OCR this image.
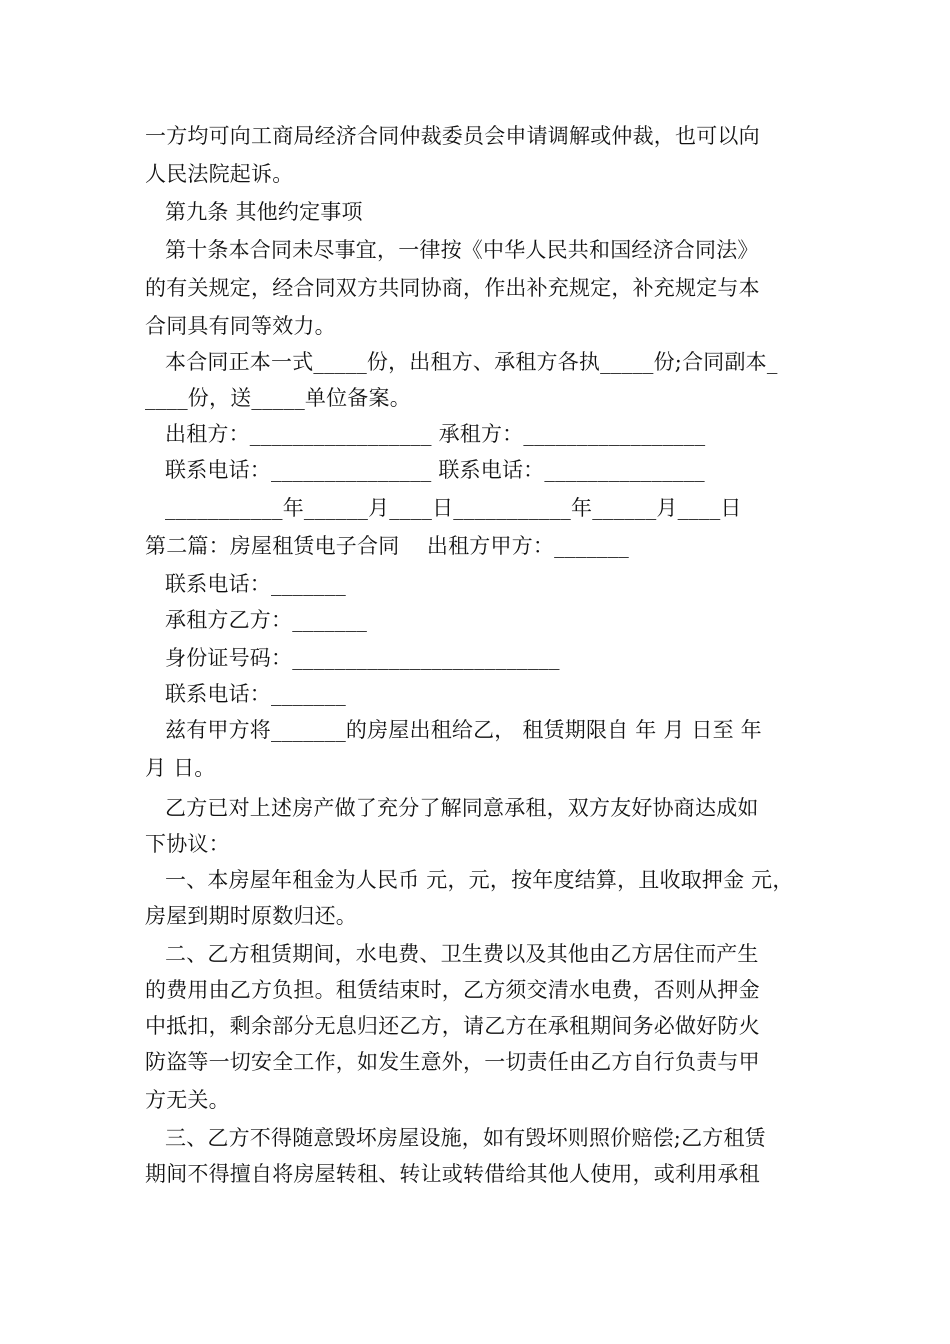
一方均可向工商局经济合同仲裁委员会申请调解或仲裁，也可以向
人民法院起诉。
第九条 其他约定事项
第十条本合同未尽事宜，一律按《中华人民共和国经济合同法》
的有关规定，经合同双方共同协商，作出补充规定，补充规定与本
合同具有同等效力。
本合同正本一式_____份，出租方、承租方各执_____份;合同副本_
____份，送_____单位备案。
出租方：_________________ 承租方：_________________
联系电话：_______________ 联系电话：_______________
___________年______月____日___________年______月____日
第二篇：房屋租赁电子合同    出租方甲方：_______
联系电话：_______
承租方乙方：_______
身份证号码：_________________________
联系电话：_______
兹有甲方将_______的房屋出租给乙， 租赁期限自 年 月 日至 年
月 日。
乙方已对上述房产做了充分了解同意承租，双方友好协商达成如
下协议：
一、本房屋年租金为人民币 元，元，按年度结算，且收取押金 元，
房屋到期时原数归还。
二、乙方租赁期间，水电费、卫生费以及其他由乙方居住而产生
的费用由乙方负担。租赁结束时，乙方须交清水电费，否则从押金
中抵扣，剩余部分无息归还乙方，请乙方在承租期间务必做好防火
防盗等一切安全工作，如发生意外，一切责任由乙方自行负责与甲
方无关。
三、乙方不得随意毁坏房屋设施，如有毁坏则照价赔偿;乙方租赁
期间不得擅自将房屋转租、转让或转借给其他人使用，或利用承租
